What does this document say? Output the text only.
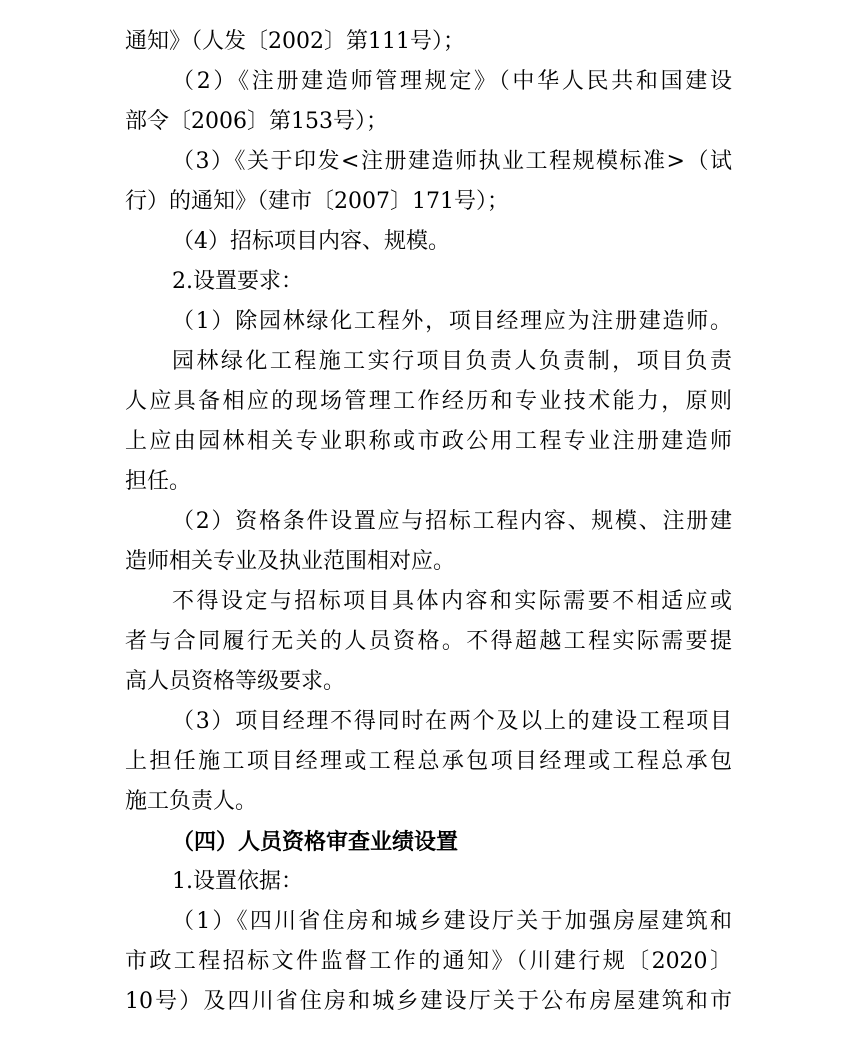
通知》（人发〔2002〕第111号）；
（2）《注册建造师管理规定》（中华人民共和国建设
部令〔2006〕第153号）；
（3）《关于印发<注册建造师执业工程规模标准>（试
行）的通知》（建市〔2007〕171号）；
（4）招标项目内容、规模。
2.设置要求：
（1）除园林绿化工程外，项目经理应为注册建造师。
园林绿化工程施工实行项目负责人负责制，项目负责
人应具备相应的现场管理工作经历和专业技术能力，原则
上应由园林相关专业职称或市政公用工程专业注册建造师
担任。
（2）资格条件设置应与招标工程内容、规模、注册建
造师相关专业及执业范围相对应。
不得设定与招标项目具体内容和实际需要不相适应或
者与合同履行无关的人员资格。不得超越工程实际需要提
高人员资格等级要求。
（3）项目经理不得同时在两个及以上的建设工程项目
上担任施工项目经理或工程总承包项目经理或工程总承包
施工负责人。
（四）人员资格审查业绩设置
1.设置依据：
（1）《四川省住房和城乡建设厅关于加强房屋建筑和
市政工程招标文件监督工作的通知》（川建行规〔2020〕
10号）及四川省住房和城乡建设厅关于公布房屋建筑和市
